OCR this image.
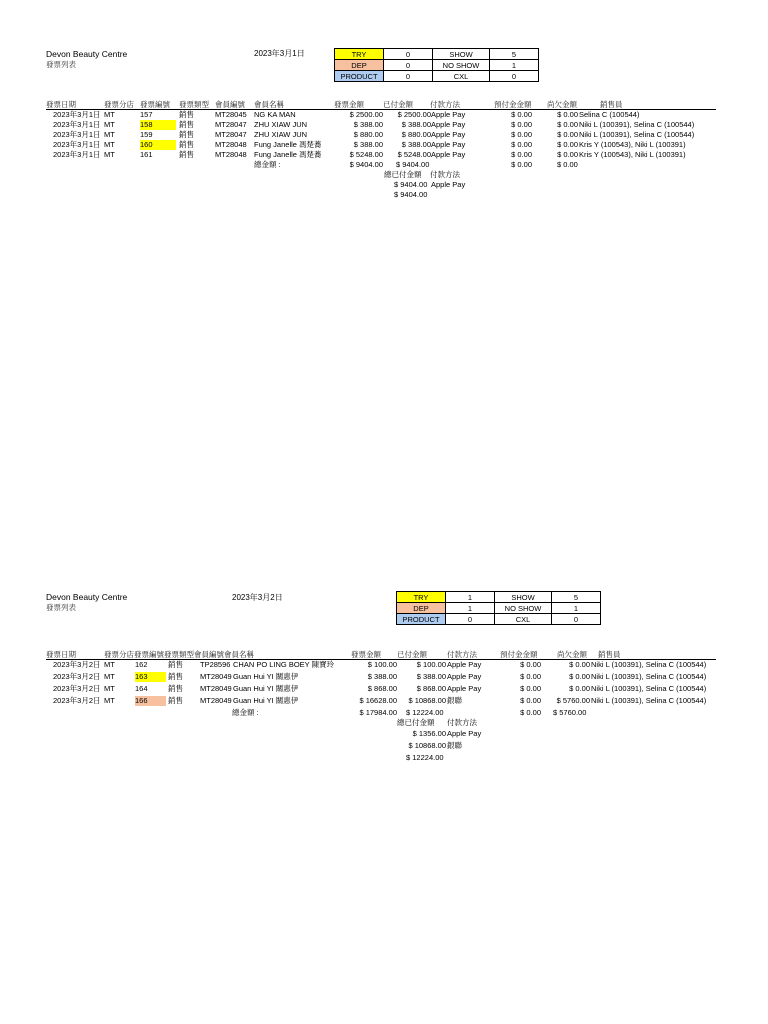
Devon Beauty Centre
發票列表
2023年3月1日	TRY	0	SHOW	5
DEP	0	NO SHOW	1
PRODUCT	0	CXL	0
發票日期	發票分店 發票編號 發票類型 會員編號 會員名稱	發票金額	已付金額 付款方法	預付金金額 尚欠金額	銷售員
2023年3月1日 MT	157	銷售	MT28045 NG KA MAN	$ 2500.00	$ 2500.00 Apple Pay	$ 0.00	$ 0.00 Selina C (100544)
2023年3月1日 MT	158	銷售	MT28047 ZHU XIAW JUN	$ 388.00	$ 388.00 Apple Pay	$ 0.00	$ 0.00 Niki L (100391), Selina C (100544)
2023年3月1日 MT	159	銷售	MT28047 ZHU XIAW JUN	$ 880.00	$ 880.00 Apple Pay	$ 0.00	$ 0.00 Niki L (100391), Selina C (100544)
2023年3月1日 MT	160	銷售	MT28048 Fung Janelle 馮楚蕎	$ 388.00	$ 388.00 Apple Pay	$ 0.00	$ 0.00 Kris Y (100543), Niki L (100391)
2023年3月1日 MT	161	銷售	MT28048 Fung Janelle 馮楚蕎	$ 5248.00	$ 5248.00 Apple Pay	$ 0.00	$ 0.00 Kris Y (100543), Niki L (100391)
總金額 :	$ 9404.00 $ 9404.00	$ 0.00	$ 0.00
總已付金額 付款方法
$ 9404.00 Apple Pay
$ 9404.00
Devon Beauty Centre
發票列表
2023年3月2日	TRY	1	SHOW	5
DEP	1	NO SHOW	1
PRODUCT	0	CXL	0
發票日期	發票分店發票編號發票類型會員編號會員名稱	發票金額 已付金額	付款方法	預付金金額	尚欠金額 銷售員
2023年3月2日 MT	162	銷售 TP28596 CHAN PO LING BOEY 陳寶玲	$ 100.00	$ 100.00 Apple Pay	$ 0.00	$ 0.00 Niki L (100391), Selina C (100544)
2023年3月2日 MT	163	銷售 MT28049 Guan Hui YI 關惠伊	$ 388.00	$ 388.00 Apple Pay	$ 0.00	$ 0.00 Niki L (100391), Selina C (100544)
2023年3月2日 MT	164	銷售 MT28049 Guan Hui YI 關惠伊	$ 868.00	$ 868.00 Apple Pay	$ 0.00	$ 0.00 Niki L (100391), Selina C (100544)
2023年3月2日 MT	166	銷售 MT28049 Guan Hui YI 關惠伊	$ 16628.00	$ 10868.00 銀聯	$ 0.00	$ 5760.00 Niki L (100391), Selina C (100544)
總金額 :	$ 17984.00 $ 12224.00	$ 0.00 $ 5760.00
總已付金額 付款方法
$ 1356.00 Apple Pay
$ 10868.00 銀聯
$ 12224.00
